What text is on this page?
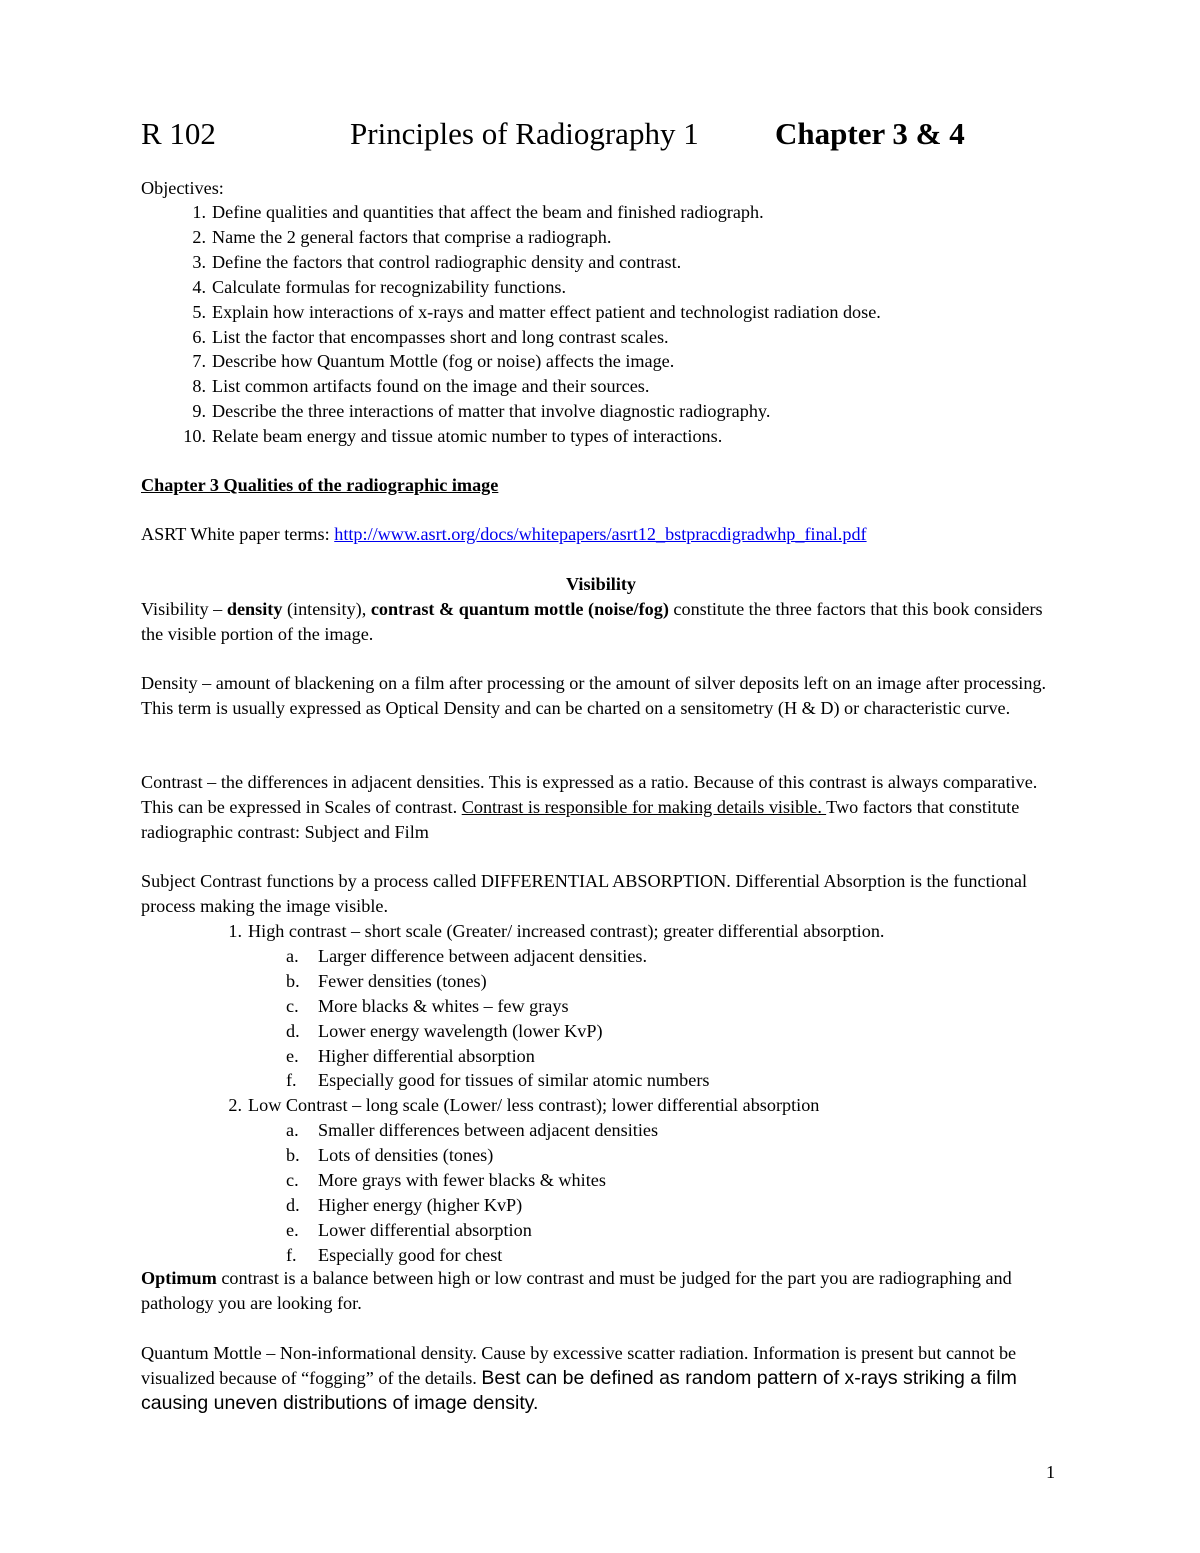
R 102	Principles of Radiography 1 Chapter 3 & 4
Objectives:
1. Define qualities and quantities that affect the beam and finished radiograph.
2. Name the 2 general factors that comprise a radiograph.
3. Define the factors that control radiographic density and contrast.
4. Calculate formulas for recognizability functions.
5. Explain how interactions of x-rays and matter effect patient and technologist radiation dose.
6. List the factor that encompasses short and long contrast scales.
7. Describe how Quantum Mottle (fog or noise) affects the image.
8. List common artifacts found on the image and their sources.
9. Describe the three interactions of matter that involve diagnostic radiography.
10. Relate beam energy and tissue atomic number to types of interactions.
Chapter 3 Qualities of the radiographic image
ASRT White paper terms: http://www.asrt.org/docs/whitepapers/asrt12_bstpracdigradwhp_final.pdf
Visibility

Visibility – density (intensity), contrast & quantum mottle (noise/fog) constitute the three factors that this book considers the visible portion of the image.

Density – amount of blackening on a film after processing or the amount of silver deposits left on an image after processing. This term is usually expressed as Optical Density and can be charted on a sensitometry (H & D) or characteristic curve.

Contrast – the differences in adjacent densities. This is expressed as a ratio. Because of this contrast is always comparative. This can be expressed in Scales of contrast. Contrast is responsible for making details visible. Two factors that constitute radiographic contrast: Subject and Film

Subject Contrast functions by a process called DIFFERENTIAL ABSORPTION. Differential Absorption is the functional process making the image visible.

1. High contrast – short scale (Greater/ increased contrast); greater differential absorption.
a. Larger difference between adjacent densities.
b. Fewer densities (tones)
c. More blacks & whites – few grays
d. Lower energy wavelength (lower KvP)
e. Higher differential absorption
f. Especially good for tissues of similar atomic numbers
2. Low Contrast – long scale (Lower/ less contrast); lower differential absorption
a. Smaller differences between adjacent densities
b. Lots of densities (tones)
c. More grays with fewer blacks & whites
d. Higher energy (higher KvP)
e. Lower differential absorption
f. Especially good for chest

Optimum contrast is a balance between high or low contrast and must be judged for the part you are radiographing and pathology you are looking for.

Quantum Mottle – Non-informational density. Cause by excessive scatter radiation. Information is present but cannot be visualized because of “fogging” of the details. Best can be defined as random pattern of x-rays striking a film causing uneven distributions of image density.

1
